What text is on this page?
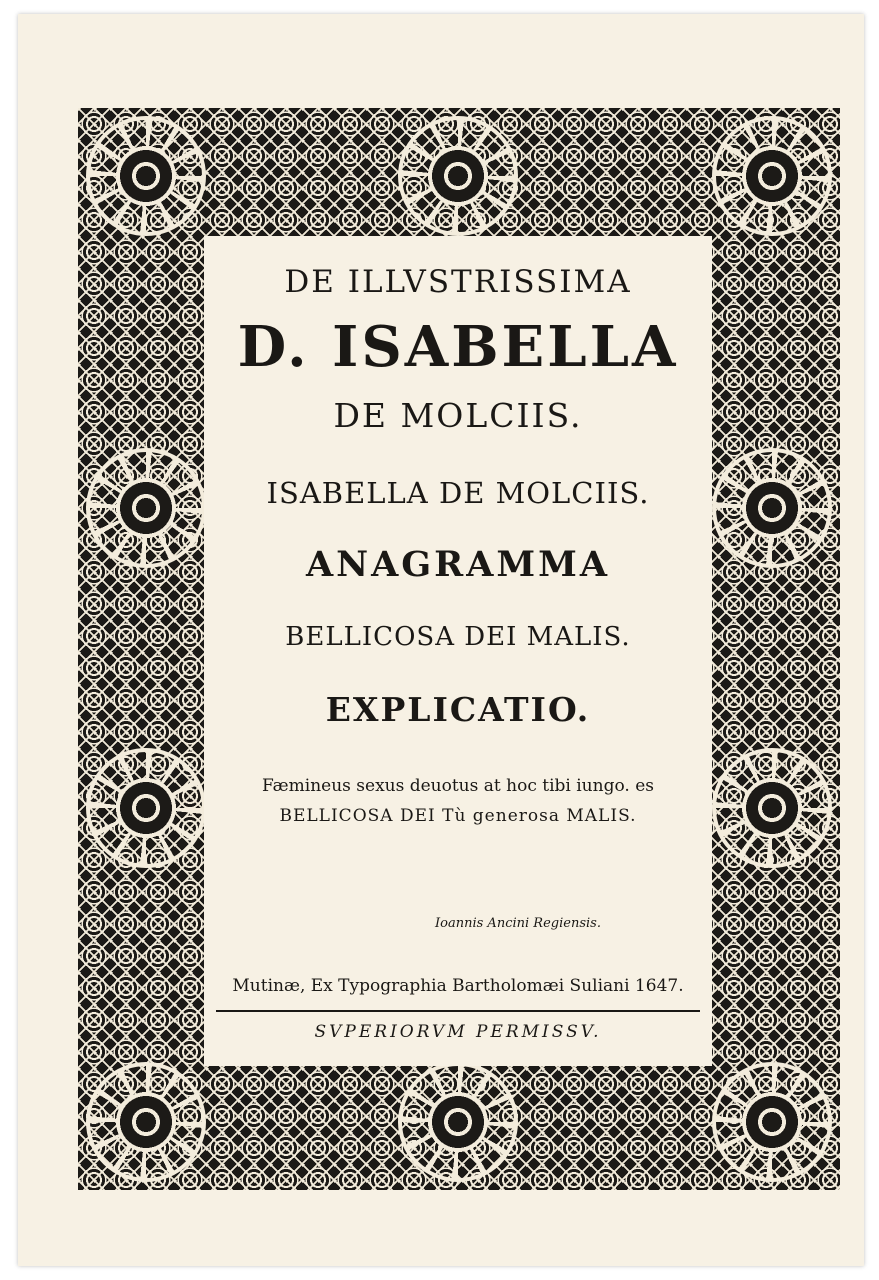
DE ILLVSTRISSIMA

D. ISABELLA

DE MOLCIIS.

ISABELLA DE MOLCIIS.

ANAGRAMMA

BELLICOSA DEI MALIS.

EXPLICATIO.

Fæmineus sexus deuotus at hoc tibi iungo. es

BELLICOSA DEI Tù generosa MALIS.

Ioannis Ancini Regiensis.

Mutinæ, Ex Typographia Bartholomæi Suliani 1647.

SVPERIORVM PERMISSV.
